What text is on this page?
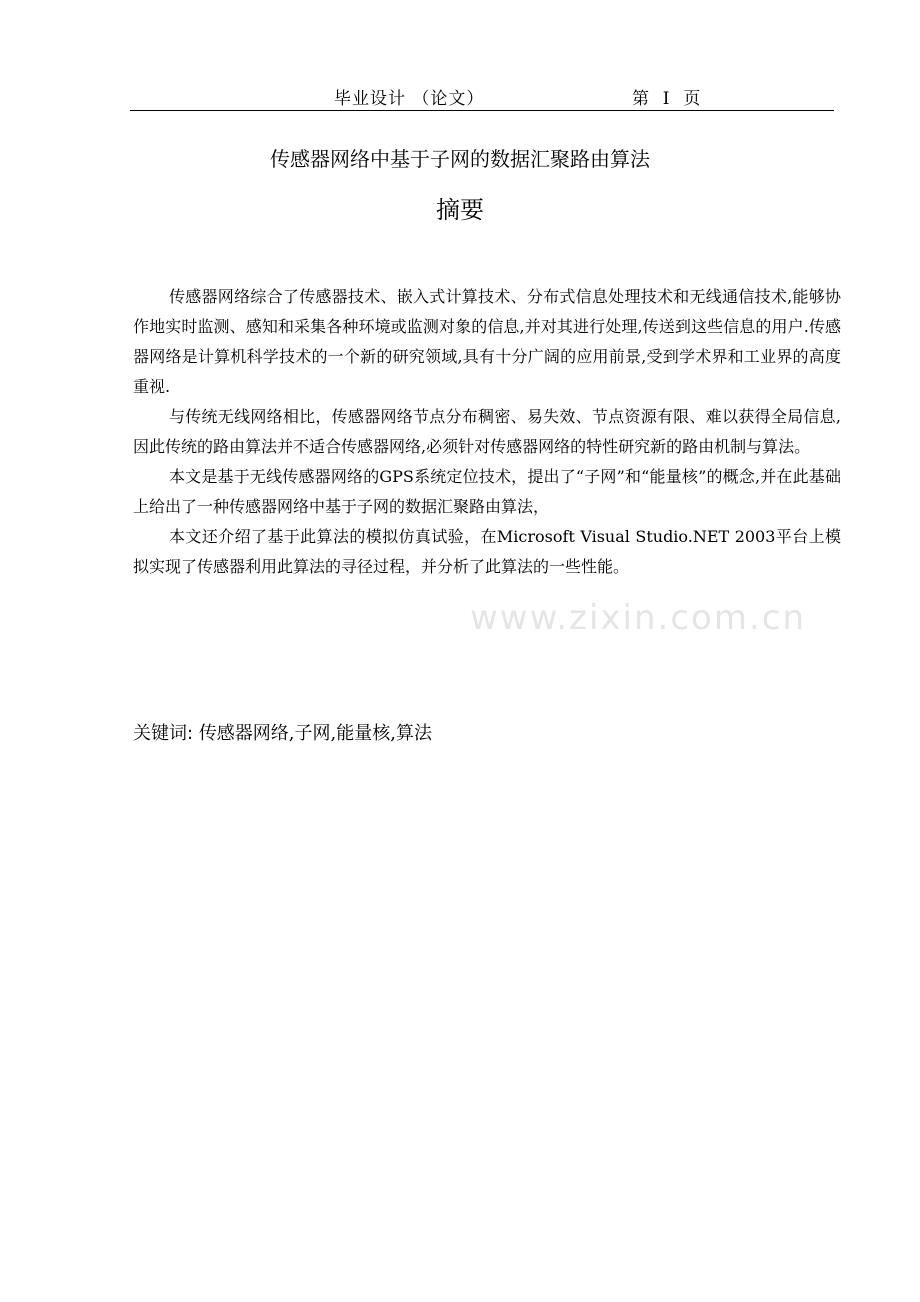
毕业设计 （论文）	第  I  页
传感器网络中基于子网的数据汇聚路由算法
摘要

传感器网络综合了传感器技术、嵌入式计算技术、分布式信息处理技术和无线通信技术,能够协作地实时监测、感知和采集各种环境或监测对象的信息,并对其进行处理,传送到这些信息的用户.传感器网络是计算机科学技术的一个新的研究领域,具有十分广阔的应用前景,受到学术界和工业界的高度重视.

与传统无线网络相比，传感器网络节点分布稠密、易失效、节点资源有限、难以获得全局信息,因此传统的路由算法并不适合传感器网络,必须针对传感器网络的特性研究新的路由机制与算法。

本文是基于无线传感器网络的GPS系统定位技术，提出了“子网”和“能量核”的概念,并在此基础上给出了一种传感器网络中基于子网的数据汇聚路由算法，

本文还介绍了基于此算法的模拟仿真试验，在Microsoft Visual Studio.NET 2003平台上模拟实现了传感器利用此算法的寻径过程，并分析了此算法的一些性能。

www.zixin.com.cn
关键词: 传感器网络,子网,能量核,算法
